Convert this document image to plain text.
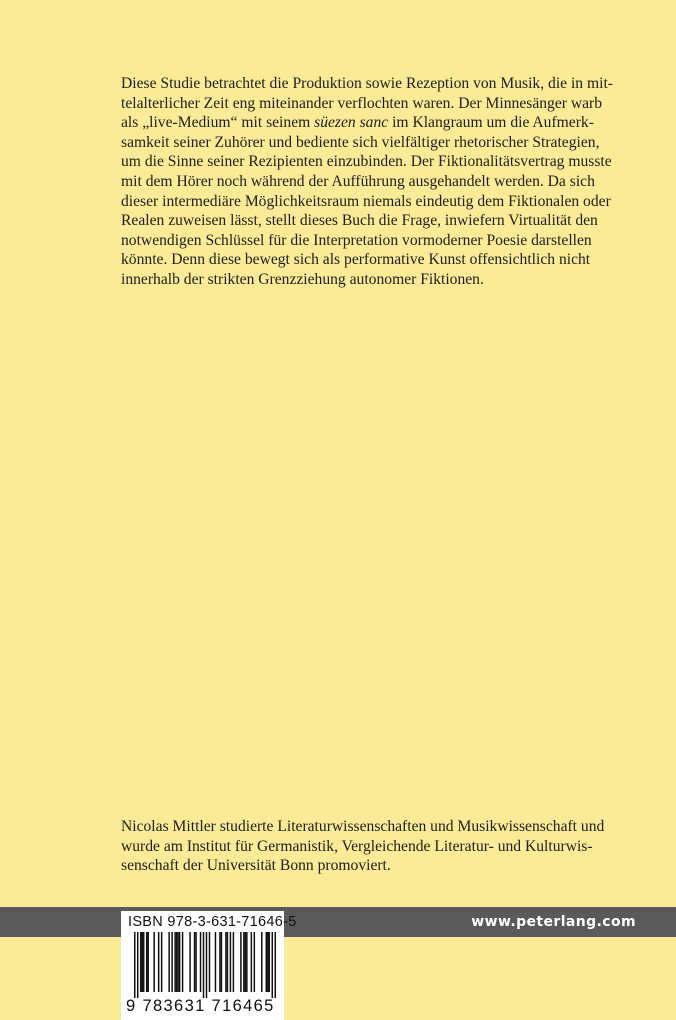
Diese Studie betrachtet die Produktion sowie Rezeption von Musik, die in mit-
telalterlicher Zeit eng miteinander verflochten waren. Der Minnesänger warb
als „live-Medium“ mit seinem süezen sanc im Klangraum um die Aufmerk-
samkeit seiner Zuhörer und bediente sich vielfältiger rhetorischer Strategien,
um die Sinne seiner Rezipienten einzubinden. Der Fiktionalitätsvertrag musste
mit dem Hörer noch während der Aufführung ausgehandelt werden. Da sich
dieser intermediäre Möglichkeitsraum niemals eindeutig dem Fiktionalen oder
Realen zuweisen lässt, stellt dieses Buch die Frage, inwiefern Virtualität den
notwendigen Schlüssel für die Interpretation vormoderner Poesie darstellen
könnte. Denn diese bewegt sich als performative Kunst offensichtlich nicht
innerhalb der strikten Grenzziehung autonomer Fiktionen.
Nicolas Mittler studierte Literaturwissenschaften und Musikwissenschaft und
wurde am Institut für Germanistik, Vergleichende Literatur- und Kulturwis-
senschaft der Universität Bonn promoviert.
www.peterlang.com
ISBN 978-3-631-71646-5
9 783631 716465
